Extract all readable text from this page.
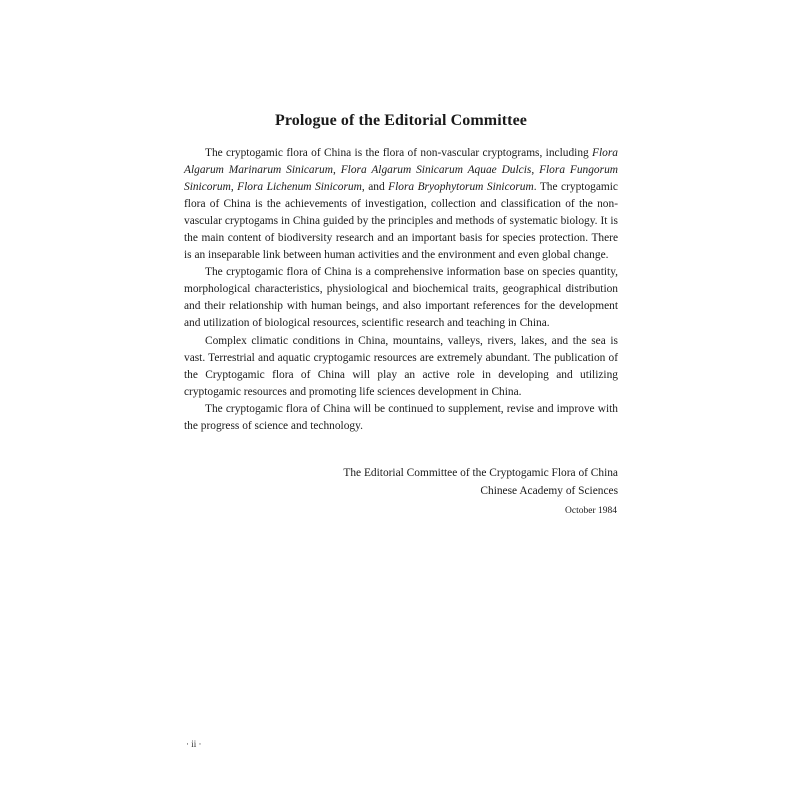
Prologue of the Editorial Committee

The cryptogamic flora of China is the flora of non-vascular cryptograms, including Flora Algarum Marinarum Sinicarum, Flora Algarum Sinicarum Aquae Dulcis, Flora Fungorum Sinicorum, Flora Lichenum Sinicorum, and Flora Bryophytorum Sinicorum. The cryptogamic flora of China is the achievements of investigation, collection and classification of the non-vascular cryptogams in China guided by the principles and methods of systematic biology. It is the main content of biodiversity research and an important basis for species protection. There is an inseparable link between human activities and the environment and even global change.

The cryptogamic flora of China is a comprehensive information base on species quantity, morphological characteristics, physiological and biochemical traits, geographical distribution and their relationship with human beings, and also important references for the development and utilization of biological resources, scientific research and teaching in China.

Complex climatic conditions in China, mountains, valleys, rivers, lakes, and the sea is vast. Terrestrial and aquatic cryptogamic resources are extremely abundant. The publication of the Cryptogamic flora of China will play an active role in developing and utilizing cryptogamic resources and promoting life sciences development in China.

The cryptogamic flora of China will be continued to supplement, revise and improve with the progress of science and technology.

The Editorial Committee of the Cryptogamic Flora of China
Chinese Academy of Sciences
October 1984
· ii ·
